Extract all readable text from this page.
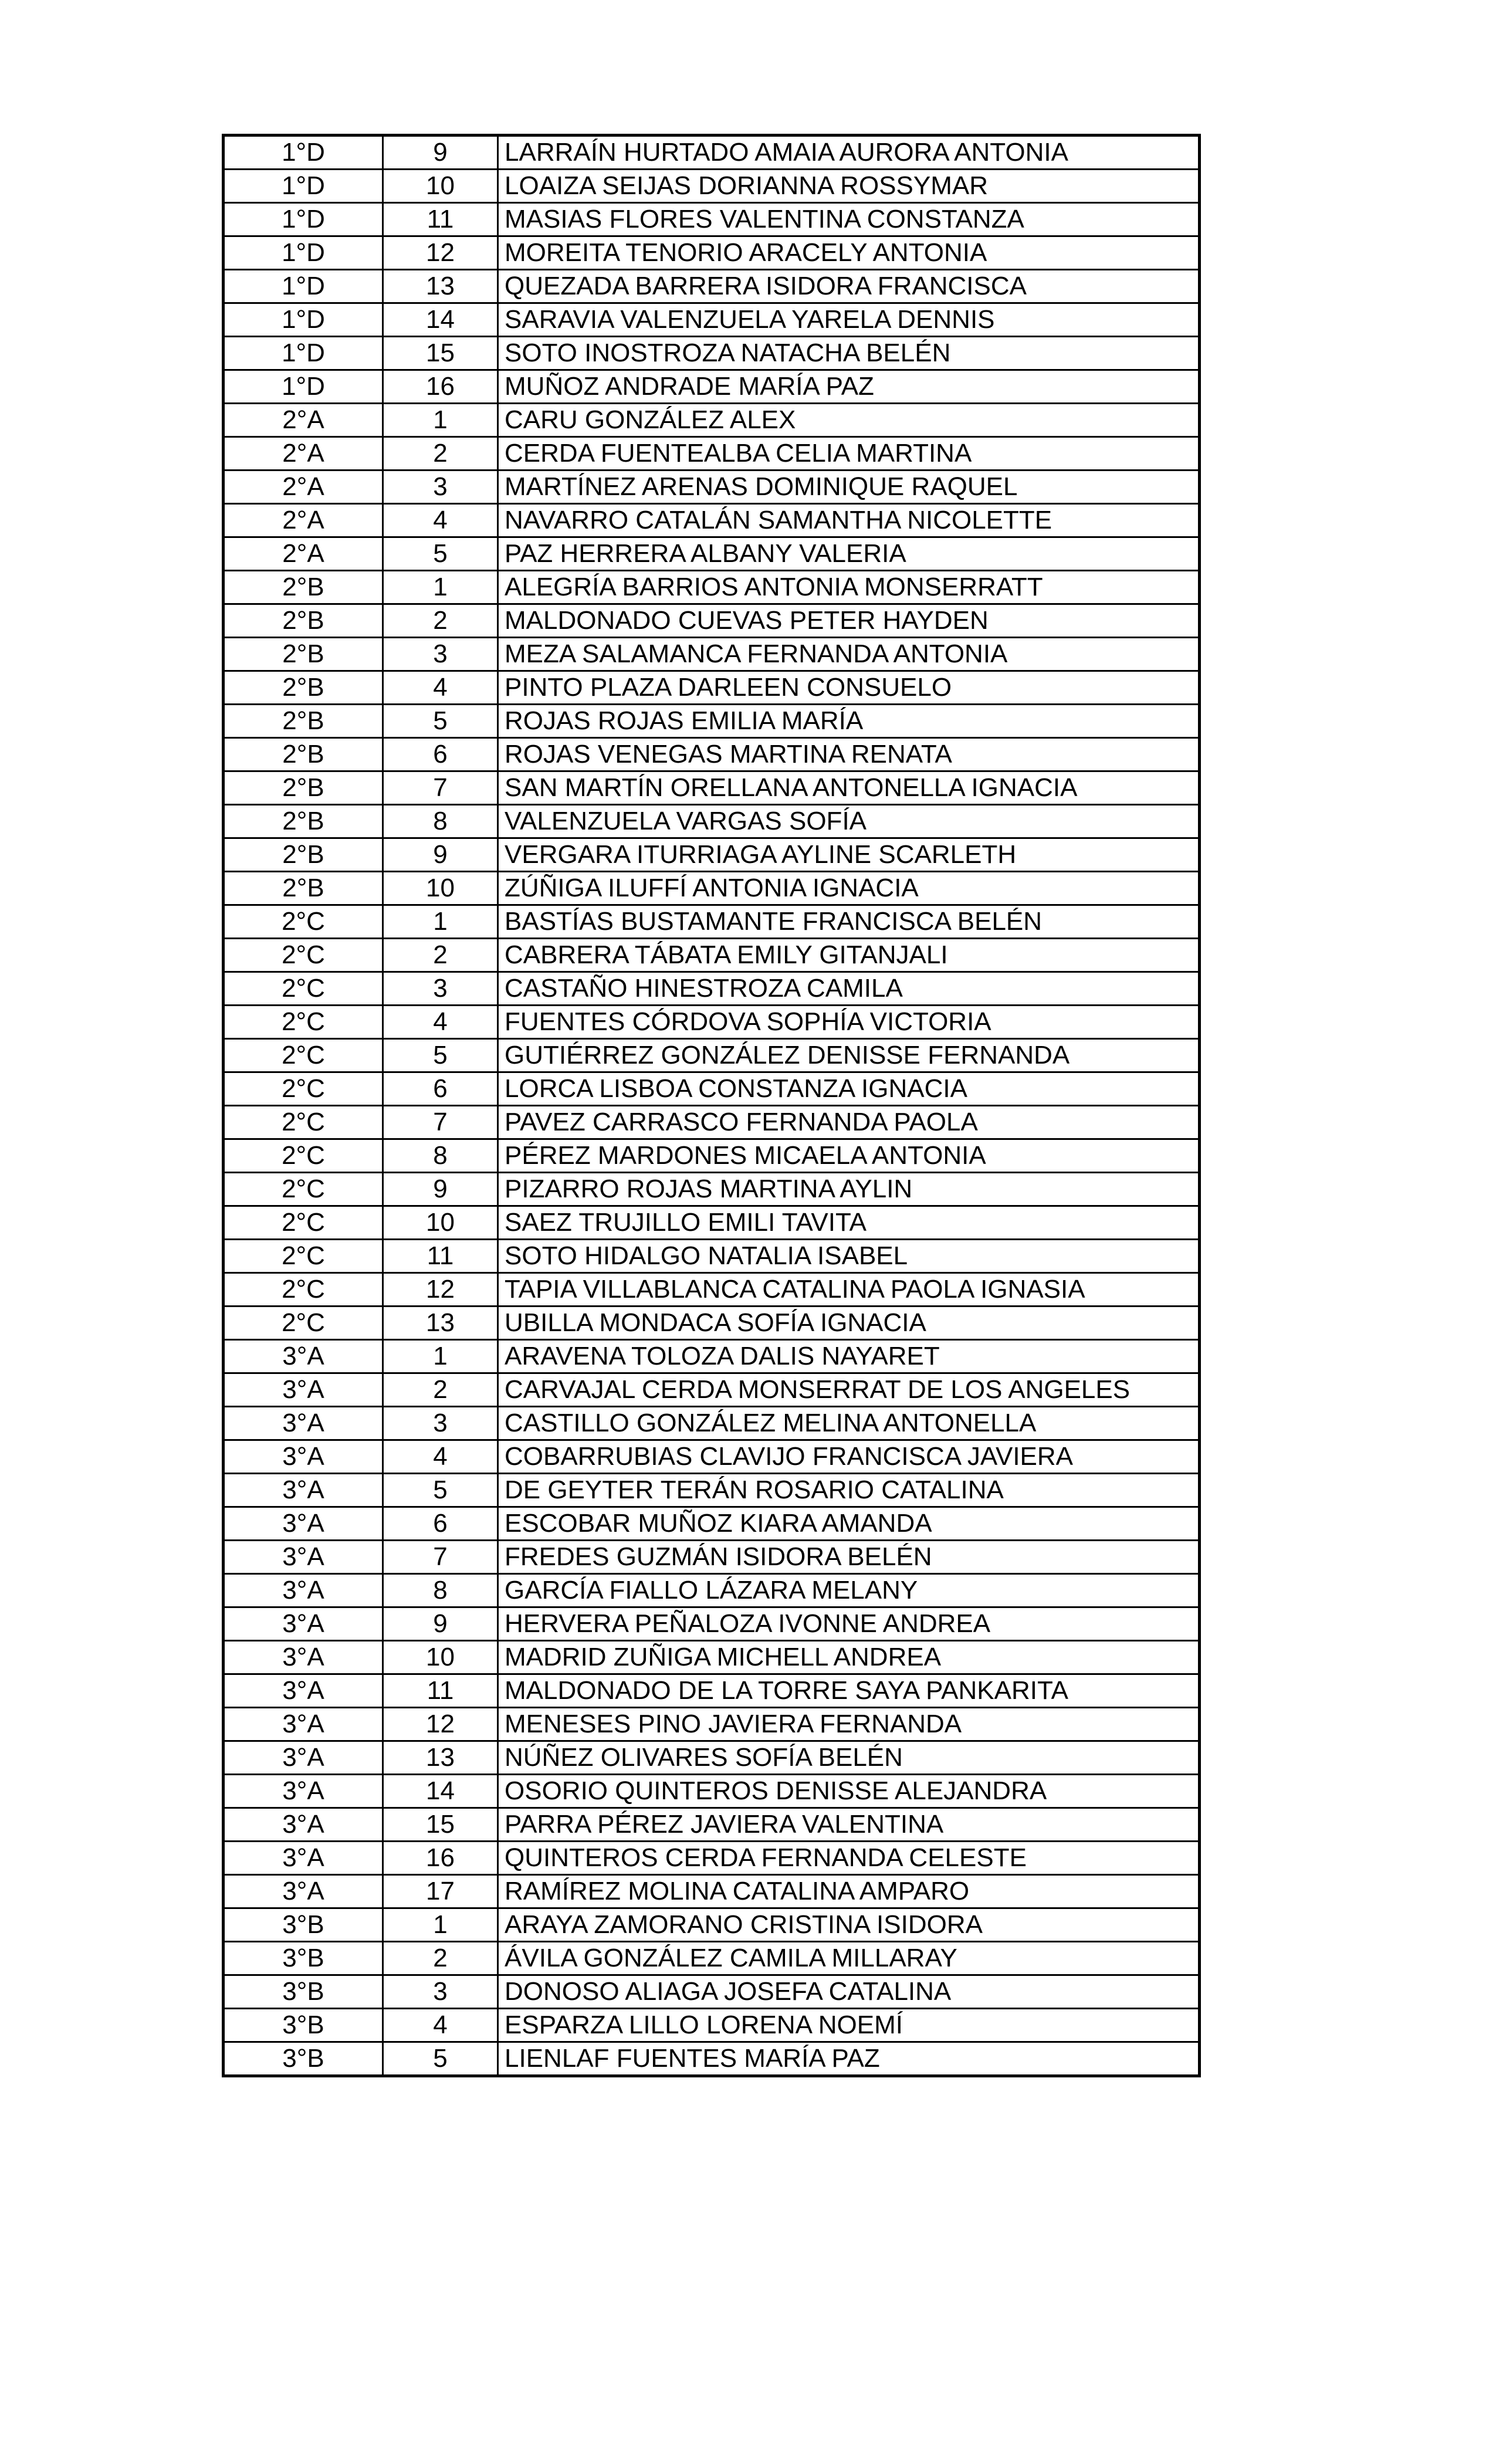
1°D	9	LARRAÍN HURTADO AMAIA AURORA ANTONIA
1°D	10	LOAIZA SEIJAS DORIANNA ROSSYMAR
1°D	11	MASIAS FLORES VALENTINA CONSTANZA
1°D	12	MOREITA TENORIO ARACELY ANTONIA
1°D	13	QUEZADA BARRERA ISIDORA FRANCISCA
1°D	14	SARAVIA VALENZUELA YARELA DENNIS
1°D	15	SOTO INOSTROZA NATACHA BELÉN
1°D	16	MUÑOZ ANDRADE MARÍA PAZ
2°A	1	CARU GONZÁLEZ ALEX
2°A	2	CERDA FUENTEALBA CELIA MARTINA
2°A	3	MARTÍNEZ ARENAS DOMINIQUE RAQUEL
2°A	4	NAVARRO CATALÁN SAMANTHA NICOLETTE
2°A	5	PAZ HERRERA ALBANY VALERIA
2°B	1	ALEGRÍA BARRIOS ANTONIA MONSERRATT
2°B	2	MALDONADO CUEVAS PETER HAYDEN
2°B	3	MEZA SALAMANCA FERNANDA ANTONIA
2°B	4	PINTO PLAZA DARLEEN CONSUELO
2°B	5	ROJAS ROJAS EMILIA MARÍA
2°B	6	ROJAS VENEGAS MARTINA RENATA
2°B	7	SAN MARTÍN ORELLANA ANTONELLA IGNACIA
2°B	8	VALENZUELA VARGAS SOFÍA
2°B	9	VERGARA ITURRIAGA AYLINE SCARLETH
2°B	10	ZÚÑIGA ILUFFÍ ANTONIA IGNACIA
2°C	1	BASTÍAS BUSTAMANTE FRANCISCA BELÉN
2°C	2	CABRERA TÁBATA EMILY GITANJALI
2°C	3	CASTAÑO HINESTROZA CAMILA
2°C	4	FUENTES CÓRDOVA SOPHÍA VICTORIA
2°C	5	GUTIÉRREZ GONZÁLEZ DENISSE FERNANDA
2°C	6	LORCA LISBOA CONSTANZA IGNACIA
2°C	7	PAVEZ CARRASCO FERNANDA PAOLA
2°C	8	PÉREZ MARDONES MICAELA ANTONIA
2°C	9	PIZARRO ROJAS MARTINA AYLIN
2°C	10	SAEZ TRUJILLO EMILI TAVITA
2°C	11	SOTO HIDALGO NATALIA ISABEL
2°C	12	TAPIA VILLABLANCA CATALINA PAOLA IGNASIA
2°C	13	UBILLA MONDACA SOFÍA IGNACIA
3°A	1	ARAVENA TOLOZA DALIS NAYARET
3°A	2	CARVAJAL CERDA MONSERRAT DE LOS ANGELES
3°A	3	CASTILLO GONZÁLEZ MELINA ANTONELLA
3°A	4	COBARRUBIAS CLAVIJO FRANCISCA JAVIERA
3°A	5	DE GEYTER TERÁN ROSARIO CATALINA
3°A	6	ESCOBAR MUÑOZ KIARA AMANDA
3°A	7	FREDES GUZMÁN ISIDORA BELÉN
3°A	8	GARCÍA FIALLO LÁZARA MELANY
3°A	9	HERVERA PEÑALOZA IVONNE ANDREA
3°A	10	MADRID ZUÑIGA MICHELL ANDREA
3°A	11	MALDONADO DE LA TORRE SAYA PANKARITA
3°A	12	MENESES PINO JAVIERA FERNANDA
3°A	13	NÚÑEZ OLIVARES SOFÍA BELÉN
3°A	14	OSORIO QUINTEROS DENISSE ALEJANDRA
3°A	15	PARRA PÉREZ JAVIERA VALENTINA
3°A	16	QUINTEROS CERDA FERNANDA CELESTE
3°A	17	RAMÍREZ MOLINA CATALINA AMPARO
3°B	1	ARAYA ZAMORANO CRISTINA ISIDORA
3°B	2	ÁVILA GONZÁLEZ CAMILA MILLARAY
3°B	3	DONOSO ALIAGA JOSEFA CATALINA
3°B	4	ESPARZA LILLO LORENA NOEMÍ
3°B	5	LIENLAF FUENTES MARÍA PAZ
